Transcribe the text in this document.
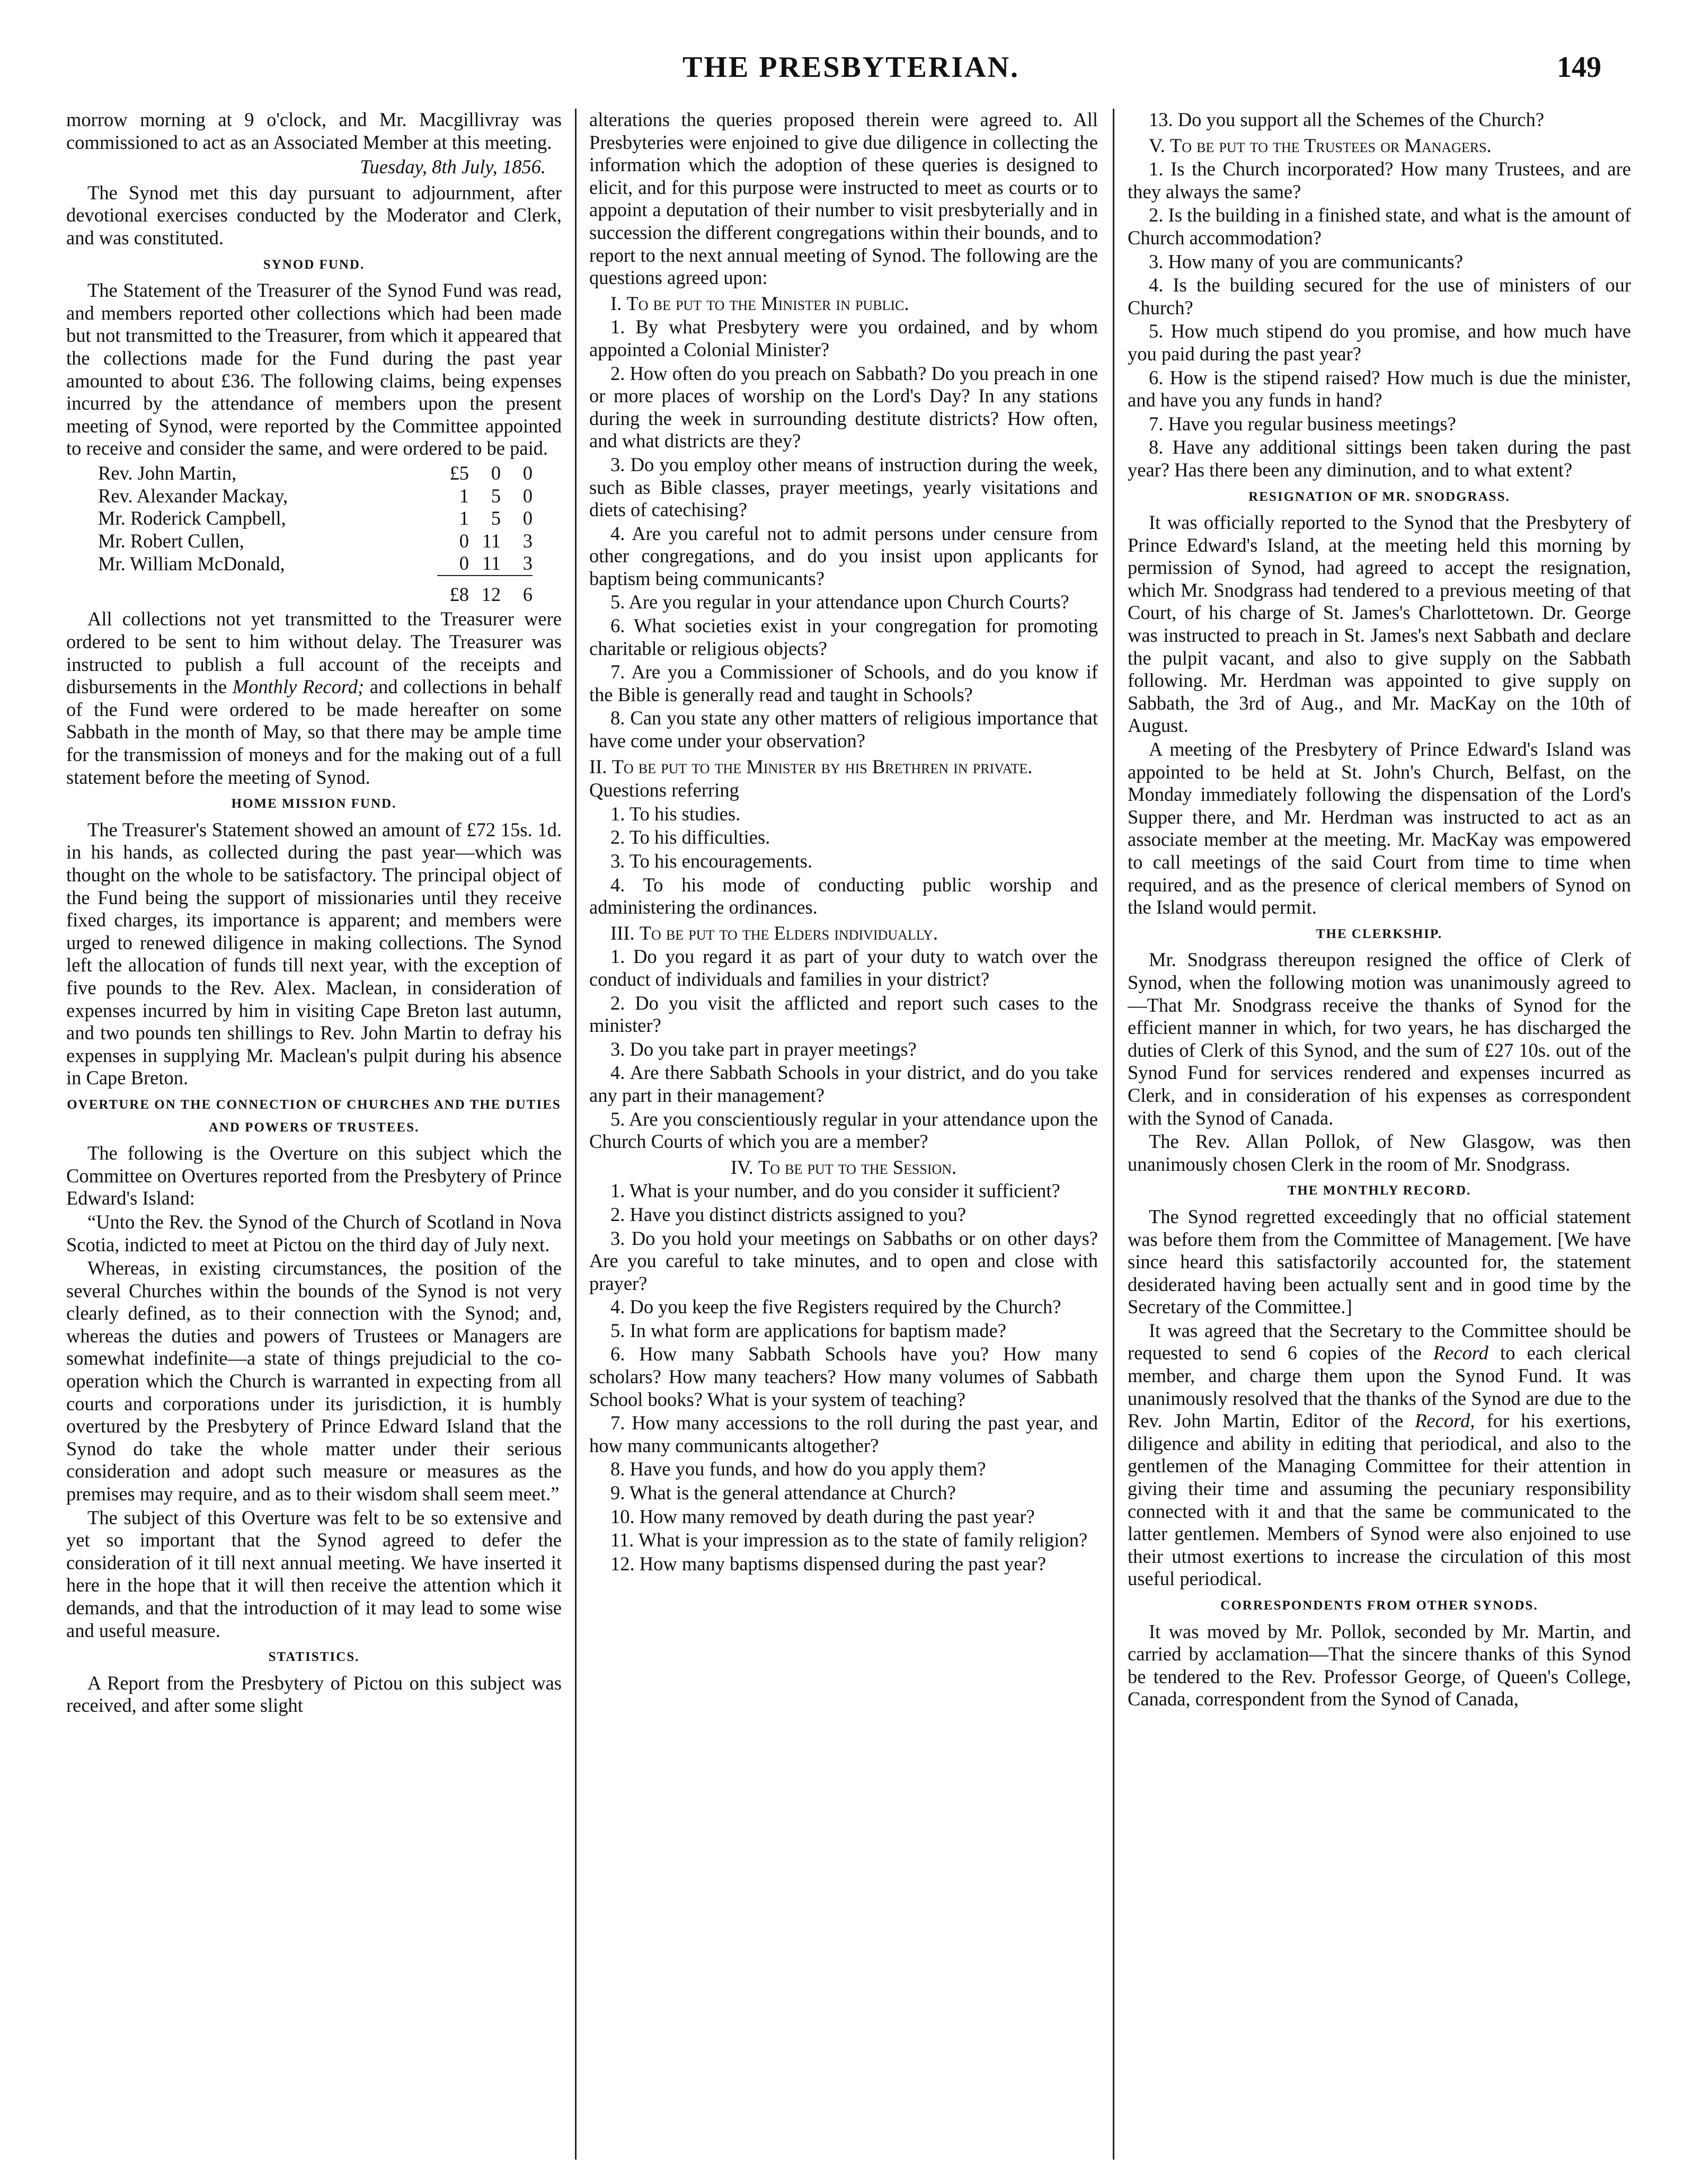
THE PRESBYTERIAN.	149

morrow morning at 9 o'clock, and Mr. Macgillivray was commissioned to act as an Associated Member at this meeting.

Tuesday, 8th July, 1856.

The Synod met this day pursuant to adjournment, after devotional exercises conducted by the Moderator and Clerk, and was constituted.

SYNOD FUND.

The Statement of the Treasurer of the Synod Fund was read, and members reported other collections which had been made but not transmitted to the Treasurer, from which it appeared that the collections made for the Fund during the past year amounted to about £36. The following claims, being expenses incurred by the attendance of members upon the present meeting of Synod, were reported by the Committee appointed to receive and consider the same, and were ordered to be paid.

Rev. John Martin,	£5	0	0
Rev. Alexander Mackay,	1	5	0
Mr. Roderick Campbell,	1	5	0
Mr. Robert Cullen,	0	11	3
Mr. William McDonald,	0	11	3
	£8	12	6

All collections not yet transmitted to the Treasurer were ordered to be sent to him without delay. The Treasurer was instructed to publish a full account of the receipts and disbursements in the Monthly Record; and collections in behalf of the Fund were ordered to be made hereafter on some Sabbath in the month of May, so that there may be ample time for the transmission of moneys and for the making out of a full statement before the meeting of Synod.

HOME MISSION FUND.

The Treasurer's Statement showed an amount of £72 15s. 1d. in his hands, as collected during the past year—which was thought on the whole to be satisfactory. The principal object of the Fund being the support of missionaries until they receive fixed charges, its importance is apparent; and members were urged to renewed diligence in making collections. The Synod left the allocation of funds till next year, with the exception of five pounds to the Rev. Alex. Maclean, in consideration of expenses incurred by him in visiting Cape Breton last autumn, and two pounds ten shillings to Rev. John Martin to defray his expenses in supplying Mr. Maclean's pulpit during his absence in Cape Breton.

OVERTURE ON THE CONNECTION OF CHURCHES AND THE DUTIES AND POWERS OF TRUSTEES.

The following is the Overture on this subject which the Committee on Overtures reported from the Presbytery of Prince Edward's Island:

“Unto the Rev. the Synod of the Church of Scotland in Nova Scotia, indicted to meet at Pictou on the third day of July next.

Whereas, in existing circumstances, the position of the several Churches within the bounds of the Synod is not very clearly defined, as to their connection with the Synod; and, whereas the duties and powers of Trustees or Managers are somewhat indefinite—a state of things prejudicial to the co-operation which the Church is warranted in expecting from all courts and corporations under its jurisdiction, it is humbly overtured by the Presbytery of Prince Edward Island that the Synod do take the whole matter under their serious consideration and adopt such measure or measures as the premises may require, and as to their wisdom shall seem meet.”

The subject of this Overture was felt to be so extensive and yet so important that the Synod agreed to defer the consideration of it till next annual meeting. We have inserted it here in the hope that it will then receive the attention which it demands, and that the introduction of it may lead to some wise and useful measure.

STATISTICS.

A Report from the Presbytery of Pictou on this subject was received, and after some slight

alterations the queries proposed therein were agreed to. All Presbyteries were enjoined to give due diligence in collecting the information which the adoption of these queries is designed to elicit, and for this purpose were instructed to meet as courts or to appoint a deputation of their number to visit presbyterially and in succession the different congregations within their bounds, and to report to the next annual meeting of Synod. The following are the questions agreed upon:

I. To be put to the Minister in public.

1. By what Presbytery were you ordained, and by whom appointed a Colonial Minister?

2. How often do you preach on Sabbath? Do you preach in one or more places of worship on the Lord's Day? In any stations during the week in surrounding destitute districts? How often, and what districts are they?

3. Do you employ other means of instruction during the week, such as Bible classes, prayer meetings, yearly visitations and diets of catechising?

4. Are you careful not to admit persons under censure from other congregations, and do you insist upon applicants for baptism being communicants?

5. Are you regular in your attendance upon Church Courts?

6. What societies exist in your congregation for promoting charitable or religious objects?

7. Are you a Commissioner of Schools, and do you know if the Bible is generally read and taught in Schools?

8. Can you state any other matters of religious importance that have come under your observation?

II. To be put to the Minister by his Brethren in private.

Questions referring

1. To his studies.

2. To his difficulties.

3. To his encouragements.

4. To his mode of conducting public worship and administering the ordinances.

III. To be put to the Elders individually.

1. Do you regard it as part of your duty to watch over the conduct of individuals and families in your district?

2. Do you visit the afflicted and report such cases to the minister?

3. Do you take part in prayer meetings?

4. Are there Sabbath Schools in your district, and do you take any part in their management?

5. Are you conscientiously regular in your attendance upon the Church Courts of which you are a member?

IV. To be put to the Session.

1. What is your number, and do you consider it sufficient?

2. Have you distinct districts assigned to you?

3. Do you hold your meetings on Sabbaths or on other days? Are you careful to take minutes, and to open and close with prayer?

4. Do you keep the five Registers required by the Church?

5. In what form are applications for baptism made?

6. How many Sabbath Schools have you? How many scholars? How many teachers? How many volumes of Sabbath School books? What is your system of teaching?

7. How many accessions to the roll during the past year, and how many communicants altogether?

8. Have you funds, and how do you apply them?

9. What is the general attendance at Church?

10. How many removed by death during the past year?

11. What is your impression as to the state of family religion?

12. How many baptisms dispensed during the past year?

13. Do you support all the Schemes of the Church?

V. To be put to the Trustees or Managers.

1. Is the Church incorporated? How many Trustees, and are they always the same?

2. Is the building in a finished state, and what is the amount of Church accommodation?

3. How many of you are communicants?

4. Is the building secured for the use of ministers of our Church?

5. How much stipend do you promise, and how much have you paid during the past year?

6. How is the stipend raised? How much is due the minister, and have you any funds in hand?

7. Have you regular business meetings?

8. Have any additional sittings been taken during the past year? Has there been any diminution, and to what extent?

RESIGNATION OF MR. SNODGRASS.

It was officially reported to the Synod that the Presbytery of Prince Edward's Island, at the meeting held this morning by permission of Synod, had agreed to accept the resignation, which Mr. Snodgrass had tendered to a previous meeting of that Court, of his charge of St. James's Charlottetown. Dr. George was instructed to preach in St. James's next Sabbath and declare the pulpit vacant, and also to give supply on the Sabbath following. Mr. Herdman was appointed to give supply on Sabbath, the 3rd of Aug., and Mr. MacKay on the 10th of August.

A meeting of the Presbytery of Prince Edward's Island was appointed to be held at St. John's Church, Belfast, on the Monday immediately following the dispensation of the Lord's Supper there, and Mr. Herdman was instructed to act as an associate member at the meeting. Mr. MacKay was empowered to call meetings of the said Court from time to time when required, and as the presence of clerical members of Synod on the Island would permit.

THE CLERKSHIP.

Mr. Snodgrass thereupon resigned the office of Clerk of Synod, when the following motion was unanimously agreed to—That Mr. Snodgrass receive the thanks of Synod for the efficient manner in which, for two years, he has discharged the duties of Clerk of this Synod, and the sum of £27 10s. out of the Synod Fund for services rendered and expenses incurred as Clerk, and in consideration of his expenses as correspondent with the Synod of Canada.

The Rev. Allan Pollok, of New Glasgow, was then unanimously chosen Clerk in the room of Mr. Snodgrass.

THE MONTHLY RECORD.

The Synod regretted exceedingly that no official statement was before them from the Committee of Management. [We have since heard this satisfactorily accounted for, the statement desiderated having been actually sent and in good time by the Secretary of the Committee.]

It was agreed that the Secretary to the Committee should be requested to send 6 copies of the Record to each clerical member, and charge them upon the Synod Fund. It was unanimously resolved that the thanks of the Synod are due to the Rev. John Martin, Editor of the Record, for his exertions, diligence and ability in editing that periodical, and also to the gentlemen of the Managing Committee for their attention in giving their time and assuming the pecuniary responsibility connected with it and that the same be communicated to the latter gentlemen. Members of Synod were also enjoined to use their utmost exertions to increase the circulation of this most useful periodical.

CORRESPONDENTS FROM OTHER SYNODS.

It was moved by Mr. Pollok, seconded by Mr. Martin, and carried by acclamation—That the sincere thanks of this Synod be tendered to the Rev. Professor George, of Queen's College, Canada, correspondent from the Synod of Canada,
